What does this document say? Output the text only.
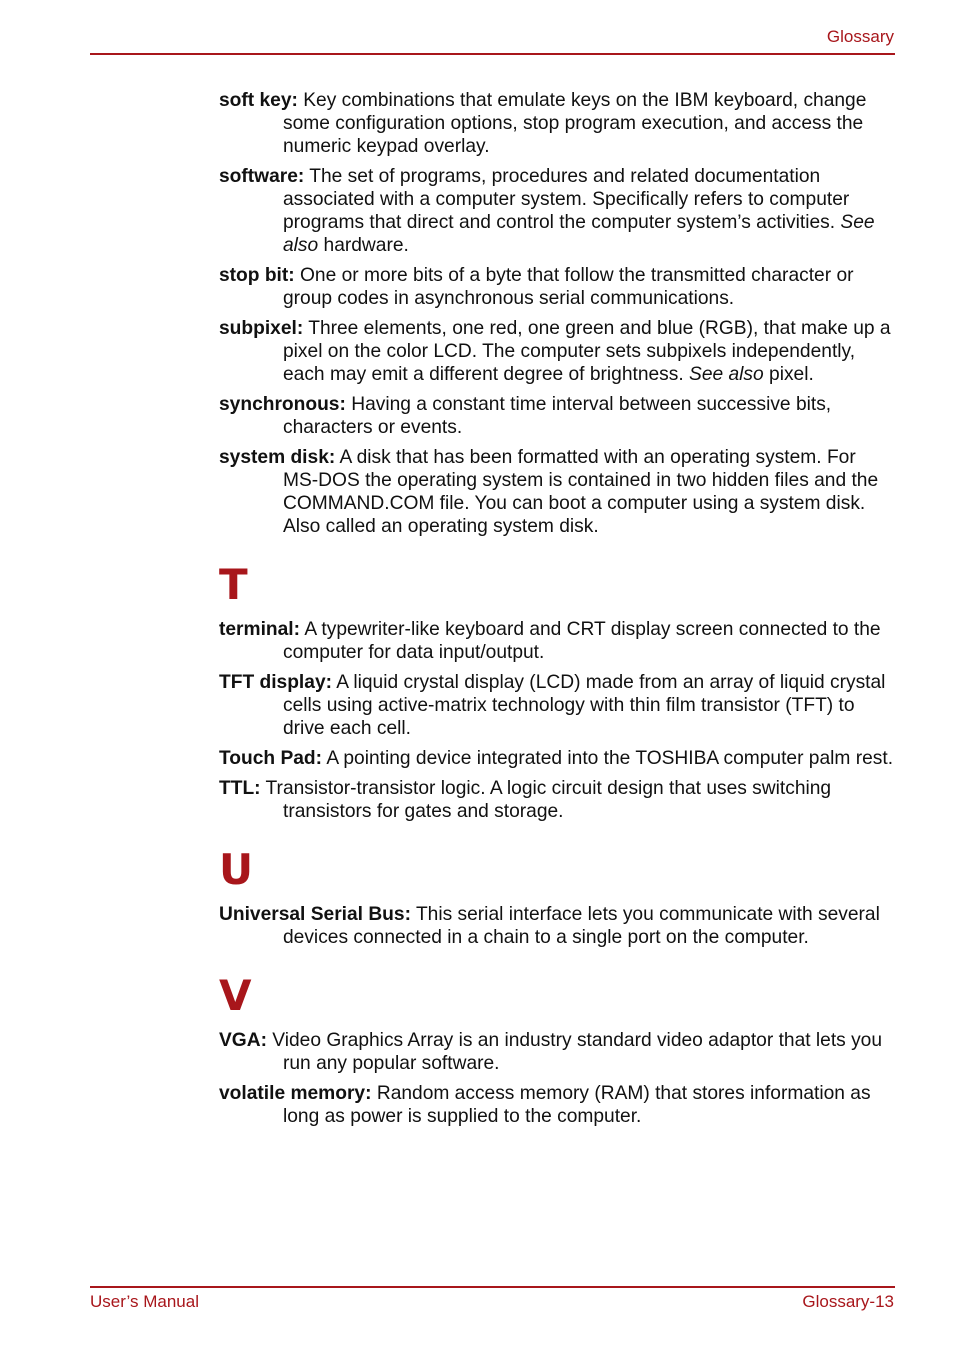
Glossary

soft key: Key combinations that emulate keys on the IBM keyboard, change some configuration options, stop program execution, and access the numeric keypad overlay.

software: The set of programs, procedures and related documentation associated with a computer system. Specifically refers to computer programs that direct and control the computer system’s activities. See also hardware.

stop bit: One or more bits of a byte that follow the transmitted character or group codes in asynchronous serial communications.

subpixel: Three elements, one red, one green and blue (RGB), that make up a pixel on the color LCD. The computer sets subpixels independently, each may emit a different degree of brightness. See also pixel.

synchronous: Having a constant time interval between successive bits, characters or events.

system disk: A disk that has been formatted with an operating system. For MS-DOS the operating system is contained in two hidden files and the COMMAND.COM file. You can boot a computer using a system disk. Also called an operating system disk.

T

terminal: A typewriter-like keyboard and CRT display screen connected to the computer for data input/output.

TFT display: A liquid crystal display (LCD) made from an array of liquid crystal cells using active-matrix technology with thin film transistor (TFT) to drive each cell.

Touch Pad: A pointing device integrated into the TOSHIBA computer palm rest.

TTL: Transistor-transistor logic. A logic circuit design that uses switching transistors for gates and storage.

U

Universal Serial Bus: This serial interface lets you communicate with several devices connected in a chain to a single port on the computer.

V

VGA: Video Graphics Array is an industry standard video adaptor that lets you run any popular software.

volatile memory: Random access memory (RAM) that stores information as long as power is supplied to the computer.

User’s Manual	Glossary-13
